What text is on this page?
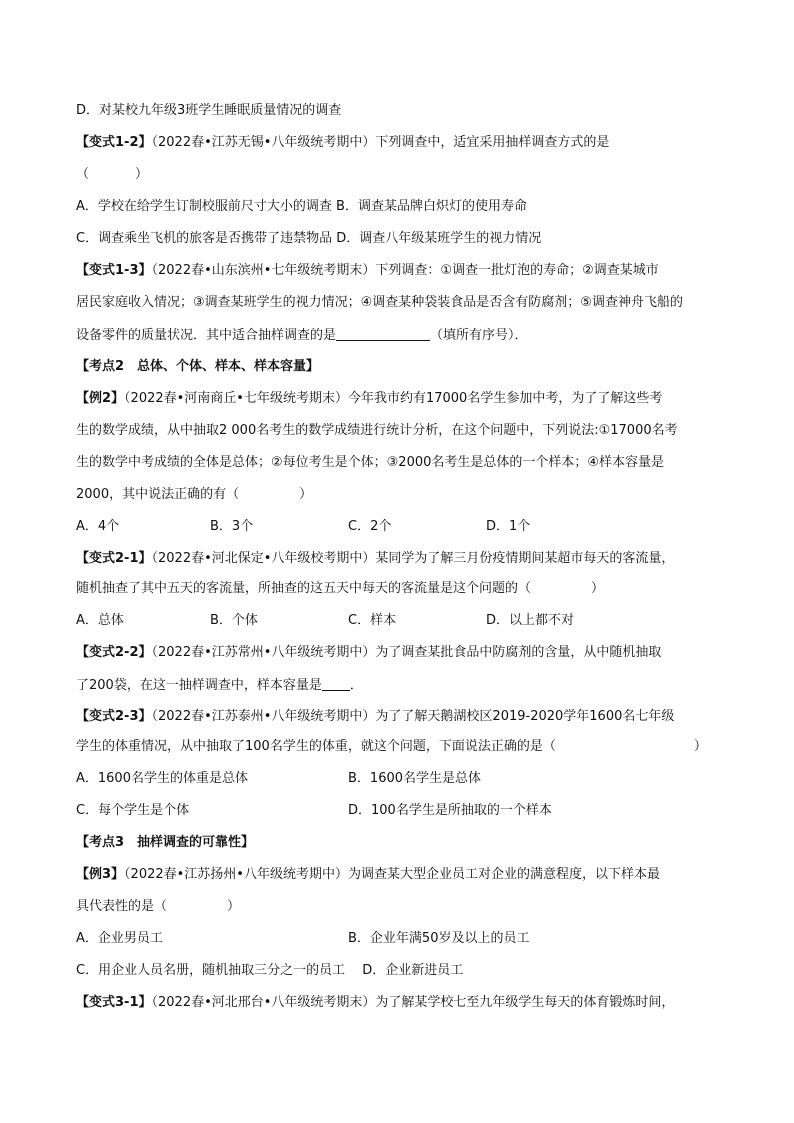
D．对某校九年级3班学生睡眠质量情况的调查
【变式1-2】（2022春•江苏无锡•八年级统考期中）下列调查中，适宜采用抽样调查方式的是
（	）
A．学校在给学生订制校服前尺寸大小的调查 B．调查某品牌白炽灯的使用寿命
C．调查乘坐飞机的旅客是否携带了违禁物品 D．调查八年级某班学生的视力情况
【变式1-3】（2022春•山东滨州•七年级统考期末）下列调查：①调查一批灯泡的寿命；②调查某城市
居民家庭收入情况；③调查某班学生的视力情况；④调查某种袋装食品是否含有防腐剂；⑤调查神舟飞船的
设备零件的质量状况．其中适合抽样调查的是	（填所有序号）．
【考点2　总体、个体、样本、样本容量】
【例2】（2022春•河南商丘•七年级统考期末）今年我市约有17000名学生参加中考，为了了解这些考
生的数学成绩，从中抽取2 000名考生的数学成绩进行统计分析，在这个问题中，下列说法:①17000名考
生的数学中考成绩的全体是总体；②每位考生是个体；③2000名考生是总体的一个样本；④样本容量是
2000，其中说法正确的有（	）
A．4个	B．3个	C．2个	D．1个
【变式2-1】（2022春•河北保定•八年级校考期中）某同学为了解三月份疫情期间某超市每天的客流量，
随机抽查了其中五天的客流量，所抽查的这五天中每天的客流量是这个问题的（	）
A．总体	B．个体	C．样本	D．以上都不对
【变式2-2】（2022春•江苏常州•八年级统考期中）为了调查某批食品中防腐剂的含量，从中随机抽取
了200袋，在这一抽样调查中，样本容量是 ．
【变式2-3】（2022春•江苏泰州•八年级统考期中）为了了解天鹅湖校区2019-2020学年1600名七年级
学生的体重情况，从中抽取了100名学生的体重，就这个问题，下面说法正确的是（	）
A．1600名学生的体重是总体	B．1600名学生是总体
C．每个学生是个体	D．100名学生是所抽取的一个样本
【考点3　抽样调查的可靠性】
【例3】（2022春•江苏扬州•八年级统考期中）为调查某大型企业员工对企业的满意程度，以下样本最
具代表性的是（	）
A．企业男员工	B．企业年满50岁及以上的员工
C．用企业人员名册，随机抽取三分之一的员工　 D．企业新进员工
【变式3-1】（2022春•河北邢台•八年级统考期末）为了解某学校七至九年级学生每天的体育锻炼时间，
